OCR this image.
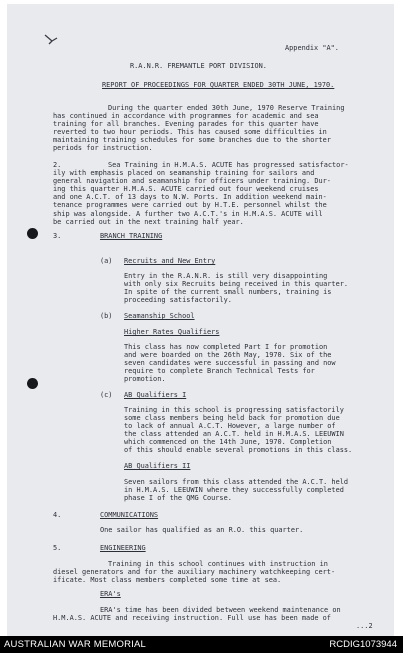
Appendix "A".

R.A.N.R. FREMANTLE PORT DIVISION.

REPORT OF PROCEEDINGS FOR QUARTER ENDED 30TH JUNE, 1970.

During the quarter ended 30th June, 1970 Reserve Training
has continued in accordance with programmes for academic and sea
training for all branches. Evening parades for this quarter have
reverted to two hour periods. This has caused some difficulties in
maintaining training schedules for some branches due to the shorter
periods for instruction.

2.	Sea Training in H.M.A.S. ACUTE has progressed satisfactor-
ily with emphasis placed on seamanship training for sailors and
general navigation and seamanship for officers under training. Dur-
ing this quarter H.M.A.S. ACUTE carried out four weekend cruises
and one A.C.T. of 13 days to N.W. Ports. In addition weekend main-
tenance programmes were carried out by H.T.E. personnel whilst the
ship was alongside. A further two A.C.T.'s in H.M.A.S. ACUTE will
be carried out in the next training half year.

3.	BRANCH TRAINING

(a) Recruits and New Entry

Entry in the R.A.N.R. is still very disappointing
with only six Recruits being received in this quarter.
In spite of the current small numbers, training is
proceeding satisfactorily.

(b) Seamanship School

Higher Rates Qualifiers

This class has now completed Part I for promotion
and were boarded on the 26th May, 1970. Six of the
seven candidates were successful in passing and now
require to complete Branch Technical Tests for
promotion.

(c) AB Qualifiers I

Training in this school is progressing satisfactorily
some class members being held back for promotion due
to lack of annual A.C.T. However, a large number of
the class attended an A.C.T. held in H.M.A.S. LEEUWIN
which commenced on the 14th June, 1970. Completion
of this should enable several promotions in this class.

AB Qualifiers II

Seven sailors from this class attended the A.C.T. held
in H.M.A.S. LEEUWIN where they successfully completed
phase I of the QMG Course.

4.	COMMUNICATIONS

One sailor has qualified as an R.O. this quarter.

5.	ENGINEERING

Training in this school continues with instruction in
diesel generators and for the auxiliary machinery watchkeeping cert-
ificate. Most class members completed some time at sea.

ERA's

ERA's time has been divided between weekend maintenance on
H.M.A.S. ACUTE and receiving instruction. Full use has been made of

...2

AUSTRALIAN WAR MEMORIAL	RCDIG1073944
